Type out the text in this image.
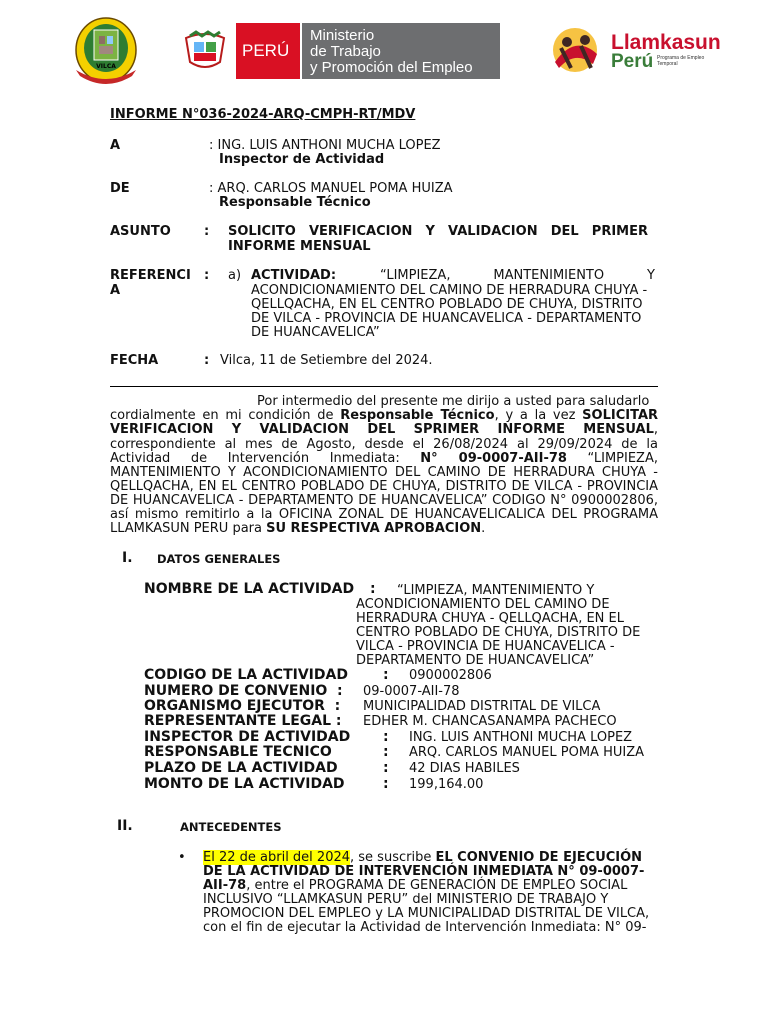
VILCA
PERÚ
Ministerio
de Trabajo
y Promoción del Empleo
Llamkasun
Perú Programa de Empleo Temporal
INFORME N°036-2024-ARQ-CMPH-RT/MDV
A	: ING. LUIS ANTHONI MUCHA LOPEZ
Inspector de Actividad
DE	: ARQ. CARLOS MANUEL POMA HUIZA
Responsable Técnico
ASUNTO	: SOLICITO VERIFICACION Y VALIDACION DEL PRIMER INFORME MENSUAL
REFERENCI
A
: a) ACTIVIDAD:	“LIMPIEZA, MANTENIMIENTO Y
ACONDICIONAMIENTO DEL CAMINO DE HERRADURA CHUYA -
QELLQACHA, EN EL CENTRO POBLADO DE CHUYA, DISTRITO
DE VILCA - PROVINCIA DE HUANCAVELICA - DEPARTAMENTO
DE HUANCAVELICA”
FECHA	: Vilca, 11 de Setiembre del 2024.
Por intermedio del presente me dirijo a usted para saludarlo
cordialmente en mi condición de Responsable Técnico, y a la vez SOLICITAR
VERIFICACION Y VALIDACION DEL SPRIMER INFORME MENSUAL,
correspondiente al mes de Agosto, desde el 26/08/2024 al 29/09/2024 de la
Actividad de Intervención Inmediata: N° 09-0007-AII-78 “LIMPIEZA,
MANTENIMIENTO Y ACONDICIONAMIENTO DEL CAMINO DE HERRADURA CHUYA -
QELLQACHA, EN EL CENTRO POBLADO DE CHUYA, DISTRITO DE VILCA - PROVINCIA
DE HUANCAVELICA - DEPARTAMENTO DE HUANCAVELICA” CODIGO N° 0900002806,
así mismo remitirlo a la OFICINA ZONAL DE HUANCAVELICALICA DEL PROGRAMA
LLAMKASUN PERU para SU RESPECTIVA APROBACION.
I. DATOS GENERALES
NOMBRE DE LA ACTIVIDAD : “LIMPIEZA, MANTENIMIENTO Y
ACONDICIONAMIENTO DEL CAMINO DE
HERRADURA CHUYA - QELLQACHA, EN EL
CENTRO POBLADO DE CHUYA, DISTRITO DE
VILCA - PROVINCIA DE HUANCAVELICA -
DEPARTAMENTO DE HUANCAVELICA”
CODIGO DE LA ACTIVIDAD	: 0900002806
NUMERO DE CONVENIO  : 09-0007-AII-78
ORGANISMO EJECUTOR  : MUNICIPALIDAD DISTRITAL DE VILCA
REPRESENTANTE LEGAL : EDHER M. CHANCASANAMPA PACHECO
INSPECTOR DE ACTIVIDAD : ING. LUIS ANTHONI MUCHA LOPEZ
RESPONSABLE TECNICO	: ARQ. CARLOS MANUEL POMA HUIZA
PLAZO DE LA ACTIVIDAD	: 42 DIAS HABILES
MONTO DE LA ACTIVIDAD	: 199,164.00
II.	ANTECEDENTES
• El 22 de abril del 2024, se suscribe EL CONVENIO DE EJECUCIÓN
DE LA ACTIVIDAD DE INTERVENCIÓN INMEDIATA N° 09-0007-
AII-78, entre el PROGRAMA DE GENERACIÓN DE EMPLEO SOCIAL
INCLUSIVO “LLAMKASUN PERU” del MINISTERIO DE TRABAJO Y
PROMOCION DEL EMPLEO y LA MUNICIPALIDAD DISTRITAL DE VILCA,
con el fin de ejecutar la Actividad de Intervención Inmediata: N° 09-
